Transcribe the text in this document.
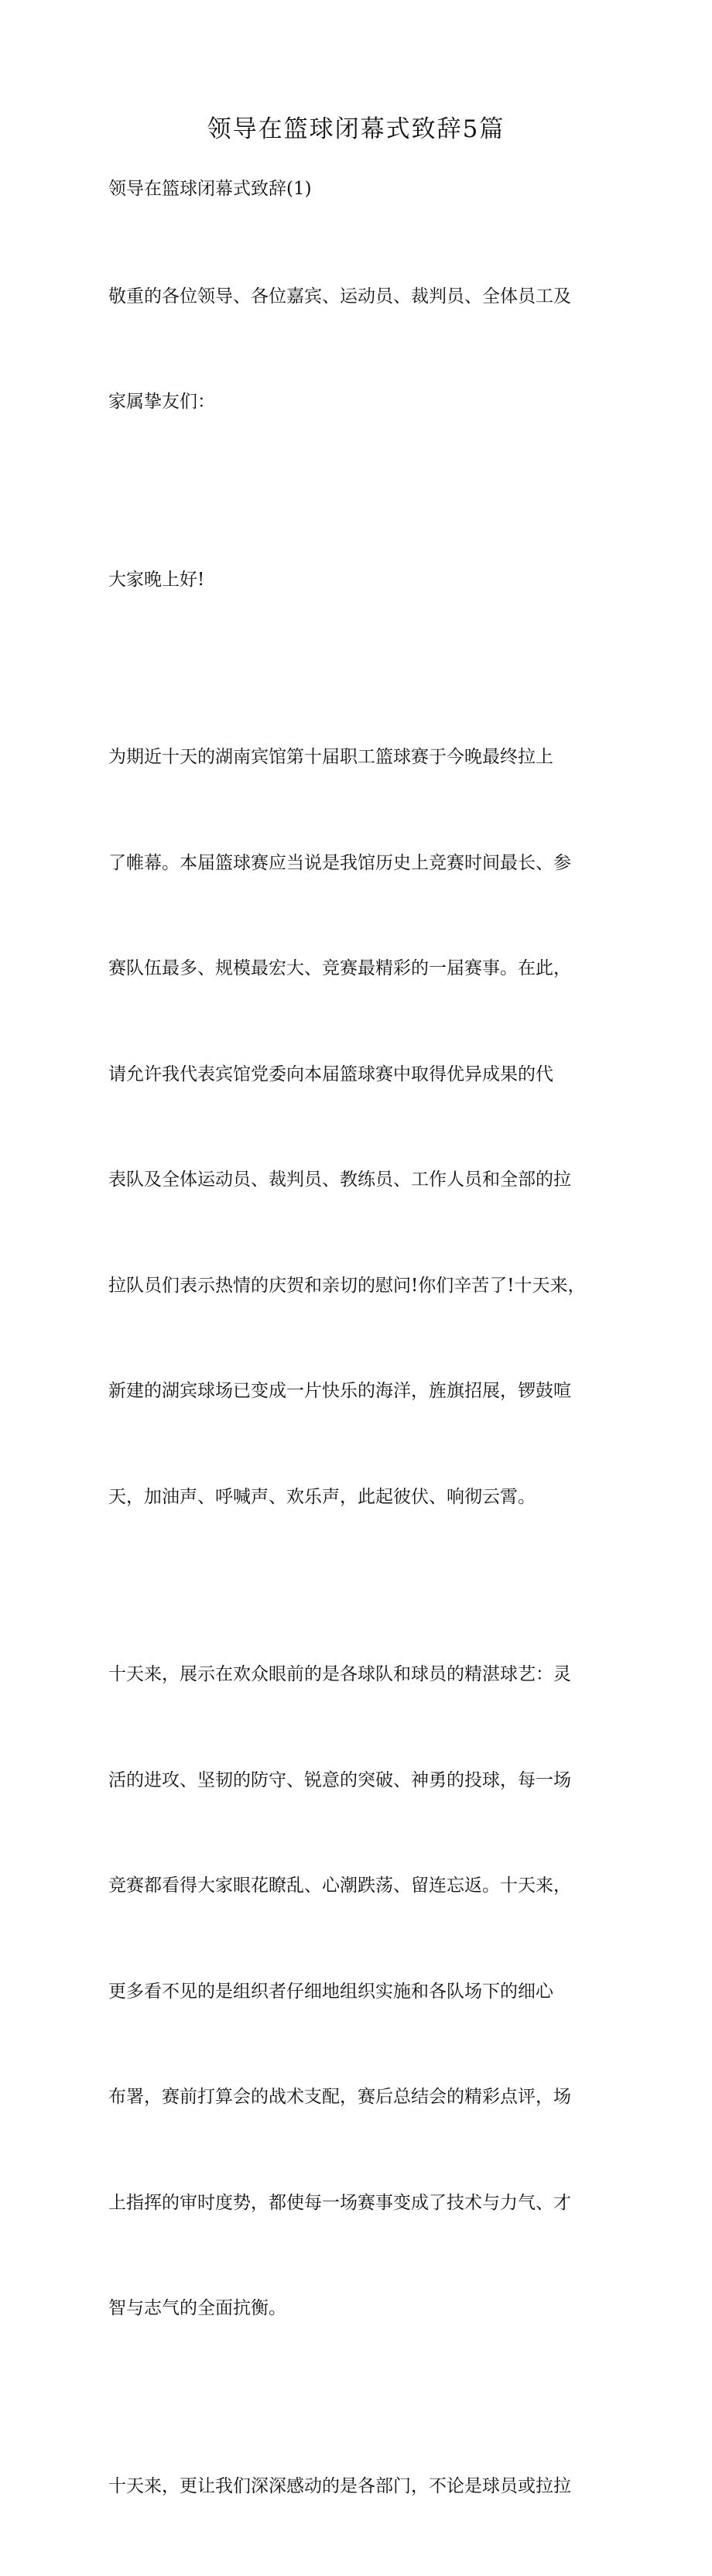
领导在篮球闭幕式致辞5篇

领导在篮球闭幕式致辞(1)

敬重的各位领导、各位嘉宾、运动员、裁判员、全体员工及

家属挚友们：

大家晚上好!

为期近十天的湖南宾馆第十届职工篮球赛于今晚最终拉上

了帷幕。本届篮球赛应当说是我馆历史上竞赛时间最长、参

赛队伍最多、规模最宏大、竞赛最精彩的一届赛事。在此，

请允许我代表宾馆党委向本届篮球赛中取得优异成果的代

表队及全体运动员、裁判员、教练员、工作人员和全部的拉

拉队员们表示热情的庆贺和亲切的慰问!你们辛苦了!十天来，

新建的湖宾球场已变成一片快乐的海洋，旌旗招展，锣鼓喧

天，加油声、呼喊声、欢乐声，此起彼伏、响彻云霄。

十天来，展示在欢众眼前的是各球队和球员的精湛球艺：灵

活的进攻、坚韧的防守、锐意的突破、神勇的投球，每一场

竞赛都看得大家眼花瞭乱、心潮跌荡、留连忘返。十天来，

更多看不见的是组织者仔细地组织实施和各队场下的细心

布署，赛前打算会的战术支配，赛后总结会的精彩点评，场

上指挥的审时度势，都使每一场赛事变成了技术与力气、才

智与志气的全面抗衡。

十天来，更让我们深深感动的是各部门，不论是球员或拉拉
